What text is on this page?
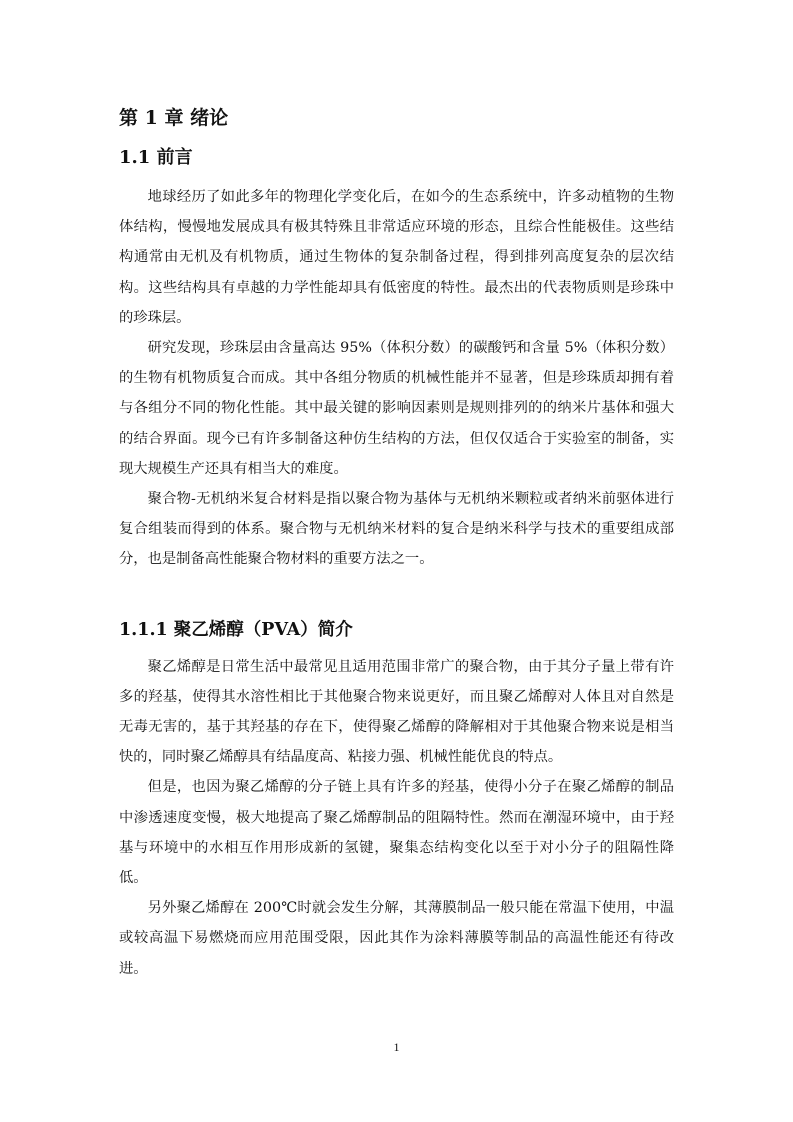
第 1 章 绪论
1.1 前言

地球经历了如此多年的物理化学变化后，在如今的生态系统中，许多动植物的生物体结构，慢慢地发展成具有极其特殊且非常适应环境的形态，且综合性能极佳。这些结构通常由无机及有机物质，通过生物体的复杂制备过程，得到排列高度复杂的层次结构。这些结构具有卓越的力学性能却具有低密度的特性。最杰出的代表物质则是珍珠中的珍珠层。

研究发现，珍珠层由含量高达 95%（体积分数）的碳酸钙和含量 5%（体积分数）的生物有机物质复合而成。其中各组分物质的机械性能并不显著，但是珍珠质却拥有着与各组分不同的物化性能。其中最关键的影响因素则是规则排列的的纳米片基体和强大的结合界面。现今已有许多制备这种仿生结构的方法，但仅仅适合于实验室的制备，实现大规模生产还具有相当大的难度。

聚合物-无机纳米复合材料是指以聚合物为基体与无机纳米颗粒或者纳米前驱体进行复合组装而得到的体系。聚合物与无机纳米材料的复合是纳米科学与技术的重要组成部分，也是制备高性能聚合物材料的重要方法之一。

1.1.1 聚乙烯醇（PVA）简介

聚乙烯醇是日常生活中最常见且适用范围非常广的聚合物，由于其分子量上带有许多的羟基，使得其水溶性相比于其他聚合物来说更好，而且聚乙烯醇对人体且对自然是无毒无害的，基于其羟基的存在下，使得聚乙烯醇的降解相对于其他聚合物来说是相当快的，同时聚乙烯醇具有结晶度高、粘接力强、机械性能优良的特点。

但是，也因为聚乙烯醇的分子链上具有许多的羟基，使得小分子在聚乙烯醇的制品中渗透速度变慢，极大地提高了聚乙烯醇制品的阻隔特性。然而在潮湿环境中，由于羟基与环境中的水相互作用形成新的氢键，聚集态结构变化以至于对小分子的阻隔性降低。

另外聚乙烯醇在 200℃时就会发生分解，其薄膜制品一般只能在常温下使用，中温或较高温下易燃烧而应用范围受限，因此其作为涂料薄膜等制品的高温性能还有待改进。

1
